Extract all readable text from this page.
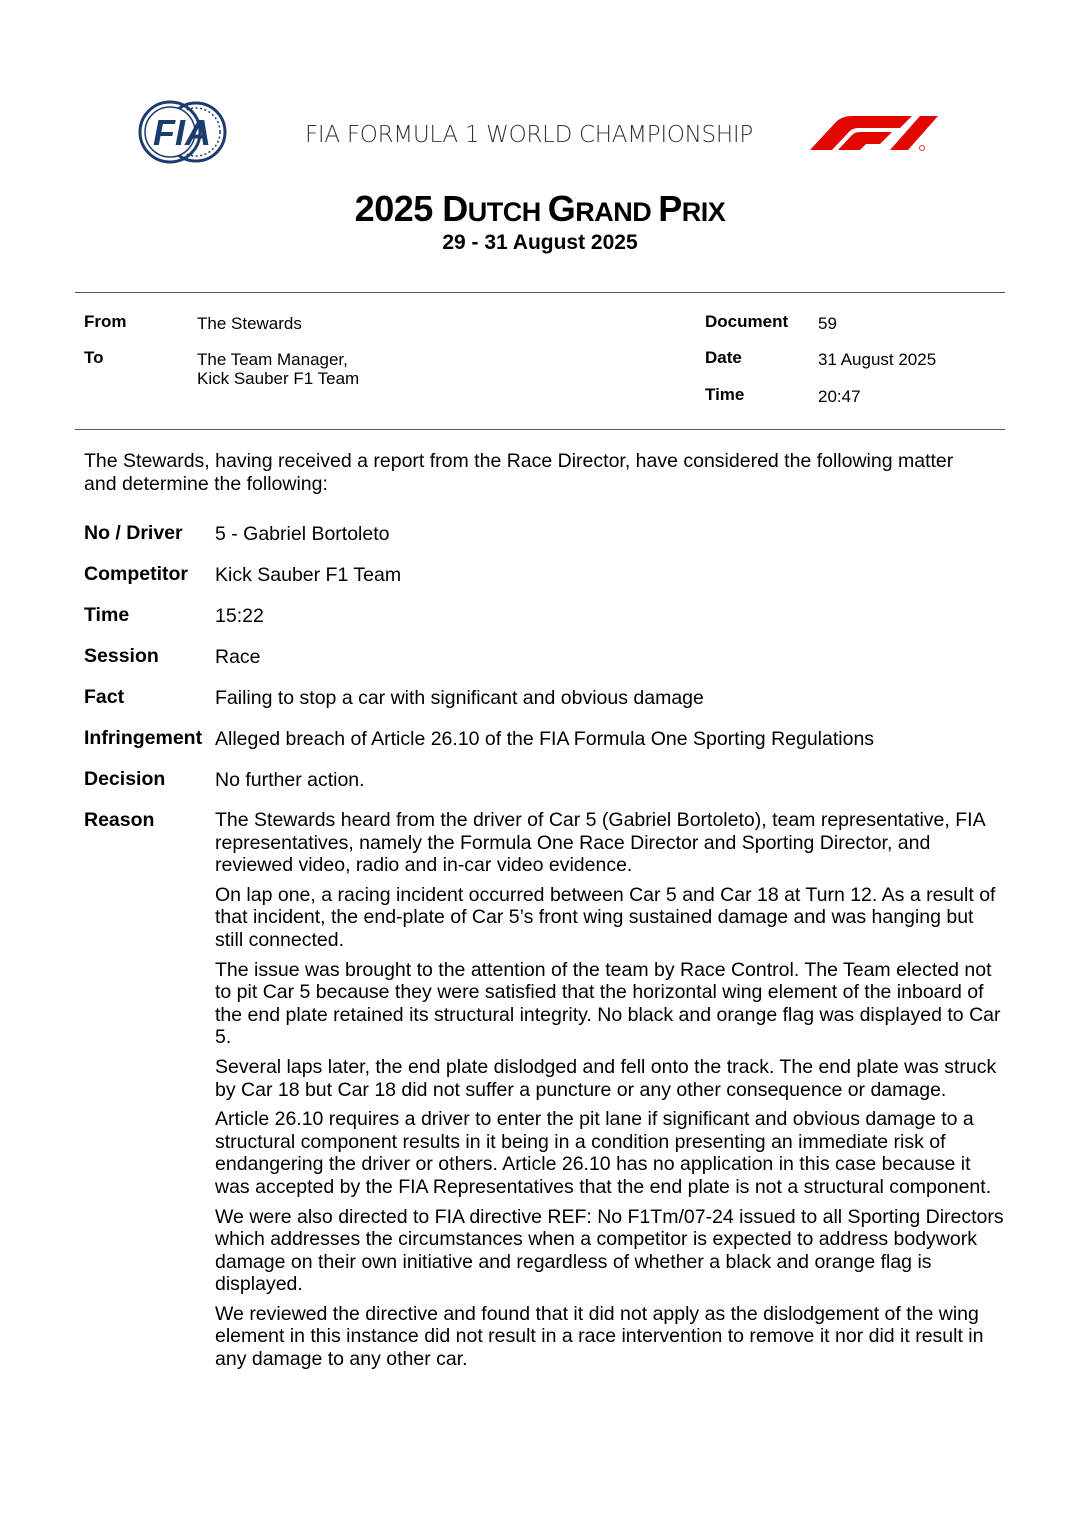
FIA	FIA FORMULA 1 WORLD CHAMPIONSHIP
2025 DUTCH GRAND PRIX
29 - 31 August 2025
From	The Stewards
To	The Team Manager,
Kick Sauber F1 Team
Document 59
Date	31 August 2025
Time	20:47
The Stewards, having received a report from the Race Director, have considered the following matter and determine the following:
No / Driver 5 - Gabriel Bortoleto
Competitor Kick Sauber F1 Team
Time	15:22
Session	Race
Fact	Failing to stop a car with significant and obvious damage
Infringement Alleged breach of Article 26.10 of the FIA Formula One Sporting Regulations
Decision	No further action.
Reason	The Stewards heard from the driver of Car 5 (Gabriel Bortoleto), team representative, FIA representatives, namely the Formula One Race Director and Sporting Director, and reviewed video, radio and in-car video evidence.

On lap one, a racing incident occurred between Car 5 and Car 18 at Turn 12. As a result of that incident, the end-plate of Car 5’s front wing sustained damage and was hanging but still connected.

The issue was brought to the attention of the team by Race Control. The Team elected not to pit Car 5 because they were satisfied that the horizontal wing element of the inboard of the end plate retained its structural integrity. No black and orange flag was displayed to Car 5.

Several laps later, the end plate dislodged and fell onto the track. The end plate was struck by Car 18 but Car 18 did not suffer a puncture or any other consequence or damage.

Article 26.10 requires a driver to enter the pit lane if significant and obvious damage to a structural component results in it being in a condition presenting an immediate risk of endangering the driver or others. Article 26.10 has no application in this case because it was accepted by the FIA Representatives that the end plate is not a structural component.

We were also directed to FIA directive REF: No F1Tm/07-24 issued to all Sporting Directors which addresses the circumstances when a competitor is expected to address bodywork damage on their own initiative and regardless of whether a black and orange flag is displayed.

We reviewed the directive and found that it did not apply as the dislodgement of the wing element in this instance did not result in a race intervention to remove it nor did it result in any damage to any other car.
